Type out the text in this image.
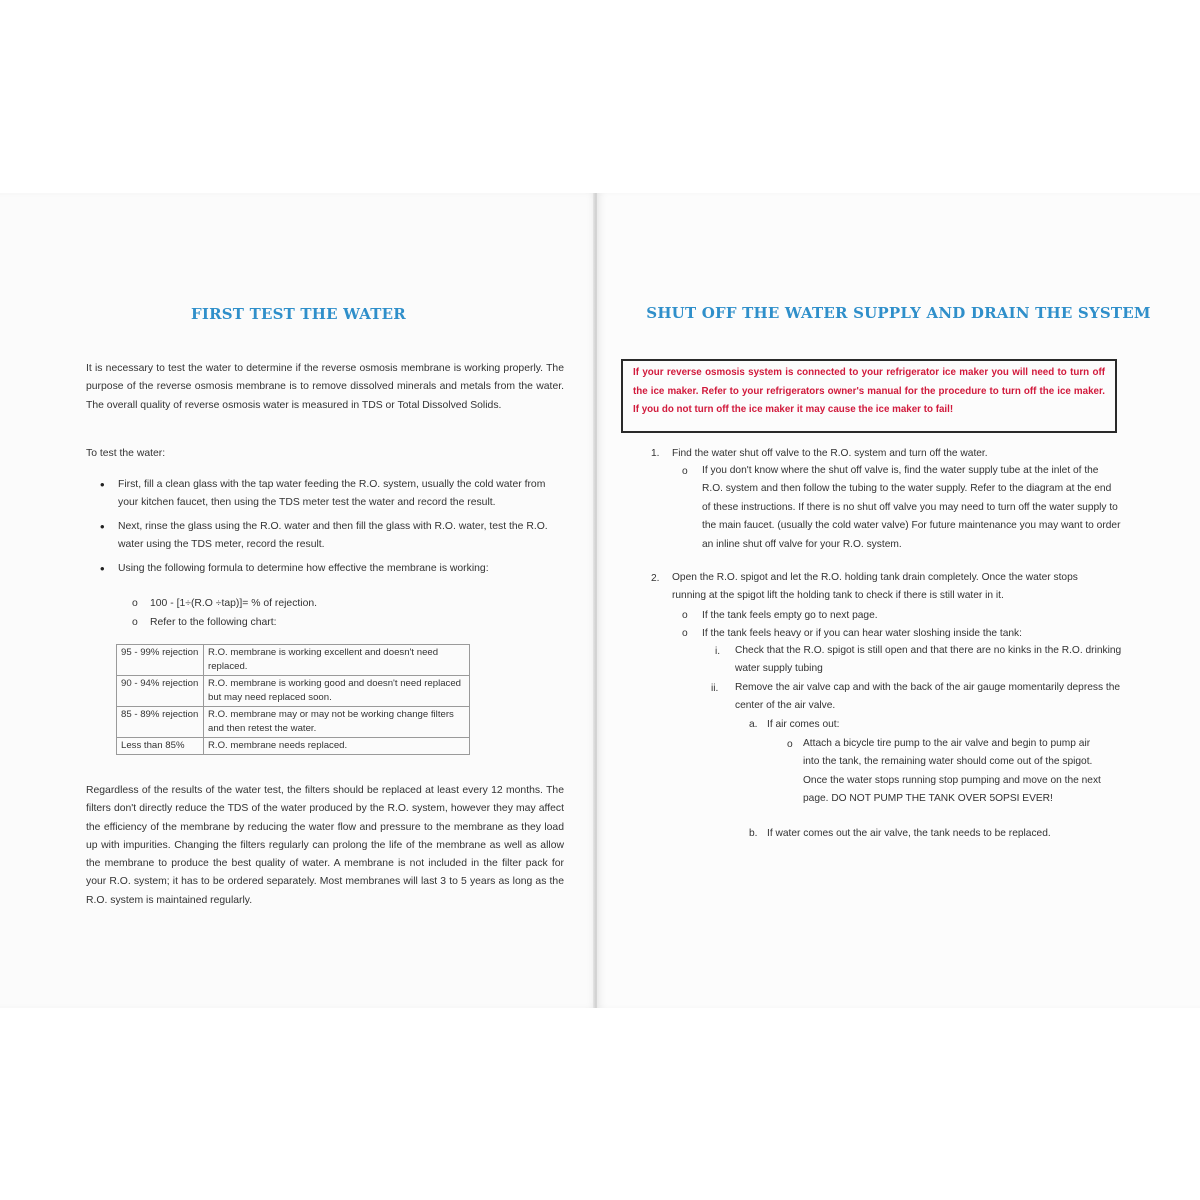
FIRST TEST THE WATER
It is necessary to test the water to determine if the reverse osmosis membrane is working properly. The purpose of the reverse osmosis membrane is to remove dissolved minerals and metals from the water. The overall quality of reverse osmosis water is measured in TDS or Total Dissolved Solids.
To test the water:
• First, fill a clean glass with the tap water feeding the R.O. system, usually the cold water from your kitchen faucet, then using the TDS meter test the water and record the result.
• Next, rinse the glass using the R.O. water and then fill the glass with R.O. water, test the R.O. water using the TDS meter, record the result.
• Using the following formula to determine how effective the membrane is working:
o 100 - [1÷(R.O ÷tap)]= % of rejection.
o Refer to the following chart:
95 - 99% rejection	R.O. membrane is working excellent and doesn't need replaced.
90 - 94% rejection	R.O. membrane is working good and doesn't need replaced but may need replaced soon.
85 - 89% rejection	R.O. membrane may or may not be working change filters and then retest the water.
Less than 85%	R.O. membrane needs replaced.
Regardless of the results of the water test, the filters should be replaced at least every 12 months. The filters don't directly reduce the TDS of the water produced by the R.O. system, however they may affect the efficiency of the membrane by reducing the water flow and pressure to the membrane as they load up with impurities. Changing the filters regularly can prolong the life of the membrane as well as allow the membrane to produce the best quality of water. A membrane is not included in the filter pack for your R.O. system; it has to be ordered separately. Most membranes will last 3 to 5 years as long as the R.O. system is maintained regularly.
SHUT OFF THE WATER SUPPLY AND DRAIN THE SYSTEM
If your reverse osmosis system is connected to your refrigerator ice maker you will need to turn off the ice maker. Refer to your refrigerators owner's manual for the procedure to turn off the ice maker. If you do not turn off the ice maker it may cause the ice maker to fail!
1. Find the water shut off valve to the R.O. system and turn off the water.
o If you don't know where the shut off valve is, find the water supply tube at the inlet of the R.O. system and then follow the tubing to the water supply. Refer to the diagram at the end of these instructions. If there is no shut off valve you may need to turn off the water supply to the main faucet. (usually the cold water valve) For future maintenance you may want to order an inline shut off valve for your R.O. system.
2. Open the R.O. spigot and let the R.O. holding tank drain completely. Once the water stops running at the spigot lift the holding tank to check if there is still water in it.
o If the tank feels empty go to next page.
o If the tank feels heavy or if you can hear water sloshing inside the tank:
i. Check that the R.O. spigot is still open and that there are no kinks in the R.O. drinking water supply tubing
ii. Remove the air valve cap and with the back of the air gauge momentarily depress the center of the air valve.
a. If air comes out:
o Attach a bicycle tire pump to the air valve and begin to pump air into the tank, the remaining water should come out of the spigot. Once the water stops running stop pumping and move on the next page. DO NOT PUMP THE TANK OVER 5OPSI EVER!
b. If water comes out the air valve, the tank needs to be replaced.
